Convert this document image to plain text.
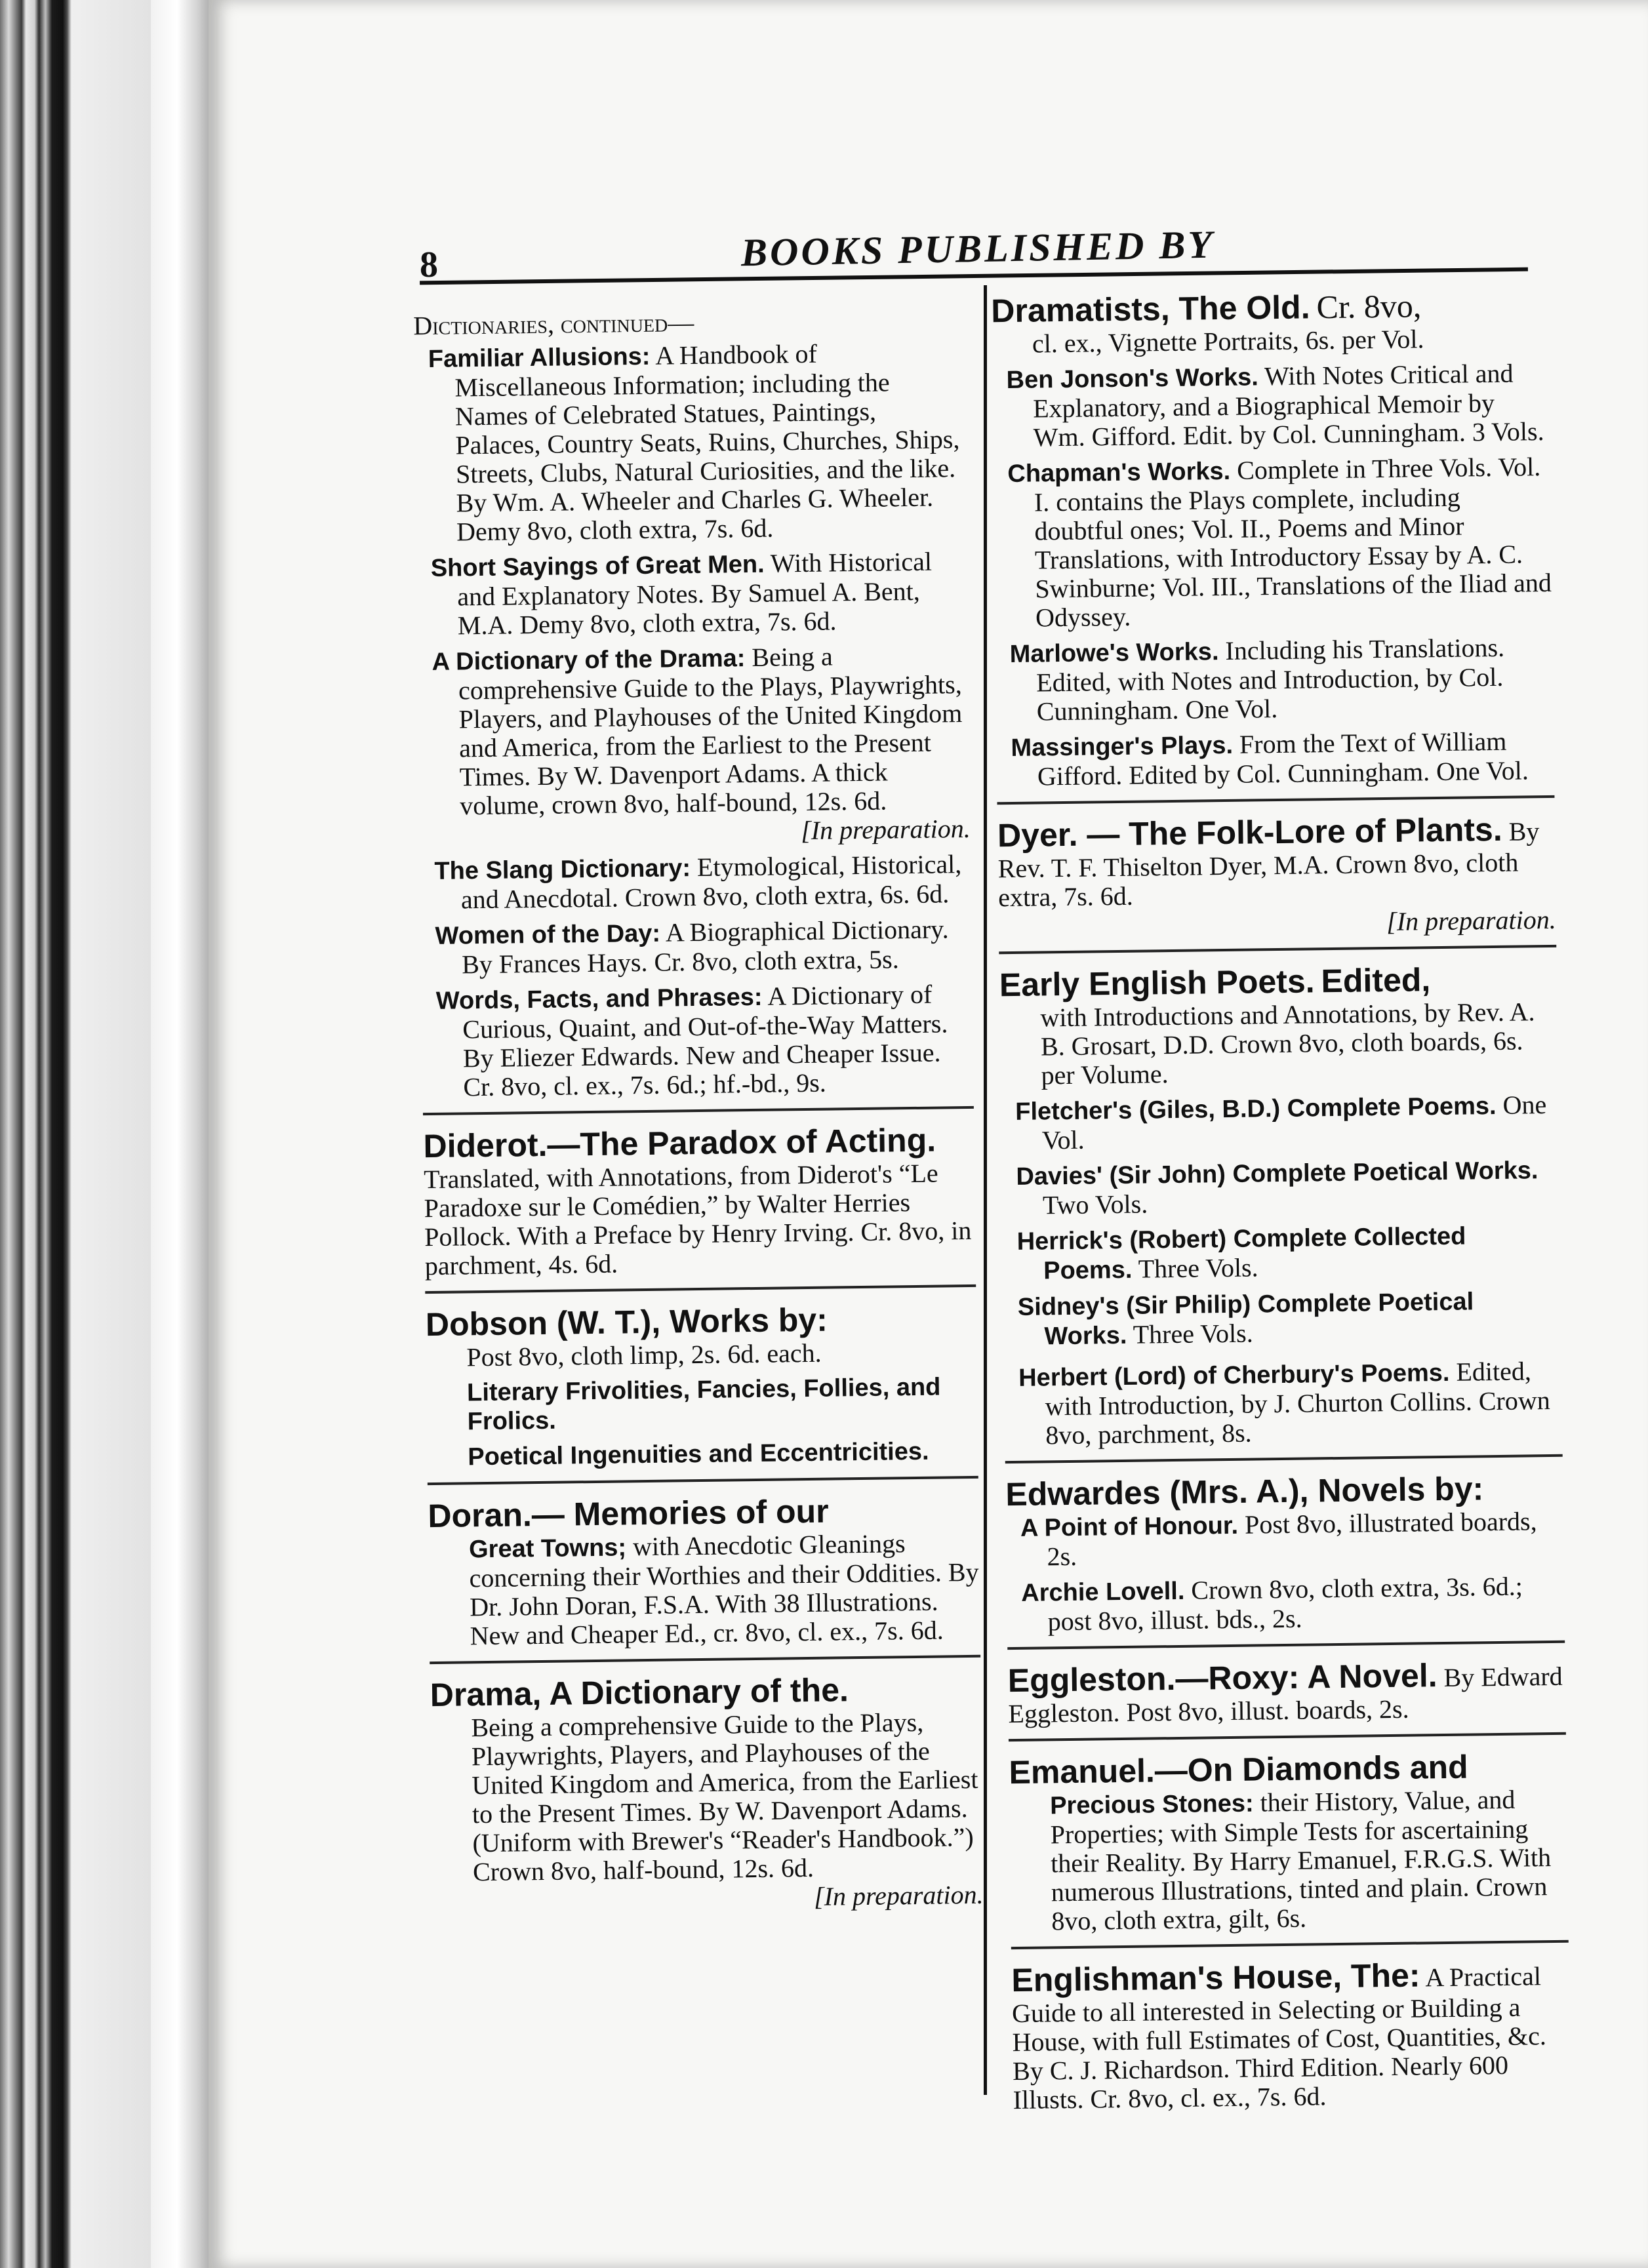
8	BOOKS PUBLISHED BY
Dictionaries, continued—
Familiar Allusions: A Handbook of Miscellaneous Information; including the Names of Celebrated Statues, Paintings, Palaces, Country Seats, Ruins, Churches, Ships, Streets, Clubs, Natural Curiosities, and the like. By Wm. A. Wheeler and Charles G. Wheeler. Demy 8vo, cloth extra, 7s. 6d.
Short Sayings of Great Men. With Historical and Explanatory Notes. By Samuel A. Bent, M.A. Demy 8vo, cloth extra, 7s. 6d.
A Dictionary of the Drama: Being a comprehensive Guide to the Plays, Playwrights, Players, and Playhouses of the United Kingdom and America, from the Earliest to the Present Times. By W. Davenport Adams. A thick volume, crown 8vo, half-bound, 12s. 6d.
[In preparation.
The Slang Dictionary: Etymological, Historical, and Anecdotal. Crown 8vo, cloth extra, 6s. 6d.
Women of the Day: A Biographical Dictionary. By Frances Hays. Cr. 8vo, cloth extra, 5s.
Words, Facts, and Phrases: A Dictionary of Curious, Quaint, and Out-of-the-Way Matters. By Eliezer Edwards. New and Cheaper Issue. Cr. 8vo, cl. ex., 7s. 6d.; hf.-bd., 9s.
Diderot.—The Paradox of Acting. Translated, with Annotations, from Diderot's “Le Paradoxe sur le Comédien,” by Walter Herries Pollock. With a Preface by Henry Irving. Cr. 8vo, in parchment, 4s. 6d.
Dobson (W. T.), Works by:
Post 8vo, cloth limp, 2s. 6d. each.
Literary Frivolities, Fancies, Follies, and Frolics.
Poetical Ingenuities and Eccentricities.
Doran.— Memories of our
Great Towns; with Anecdotic Gleanings concerning their Worthies and their Oddities. By Dr. John Doran, F.S.A. With 38 Illustrations. New and Cheaper Ed., cr. 8vo, cl. ex., 7s. 6d.
Drama, A Dictionary of the.
Being a comprehensive Guide to the Plays, Playwrights, Players, and Playhouses of the United Kingdom and America, from the Earliest to the Present Times. By W. Davenport Adams. (Uniform with Brewer's “Reader's Handbook.”) Crown 8vo, half-bound, 12s. 6d.
[In preparation.
Dramatists, The Old. Cr. 8vo,
cl. ex., Vignette Portraits, 6s. per Vol.
Ben Jonson's Works. With Notes Critical and Explanatory, and a Biographical Memoir by Wm. Gifford. Edit. by Col. Cunningham. 3 Vols.
Chapman's Works. Complete in Three Vols. Vol. I. contains the Plays complete, including doubtful ones; Vol. II., Poems and Minor Translations, with Introductory Essay by A. C. Swinburne; Vol. III., Translations of the Iliad and Odyssey.
Marlowe's Works. Including his Translations. Edited, with Notes and Introduction, by Col. Cunningham. One Vol.
Massinger's Plays. From the Text of William Gifford. Edited by Col. Cunningham. One Vol.
Dyer. — The Folk-Lore of Plants. By Rev. T. F. Thiselton Dyer, M.A. Crown 8vo, cloth extra, 7s. 6d.
[In preparation.
Early English Poets. Edited,
with Introductions and Annotations, by Rev. A. B. Grosart, D.D. Crown 8vo, cloth boards, 6s. per Volume.
Fletcher's (Giles, B.D.) Complete Poems. One Vol.
Davies' (Sir John) Complete Poetical Works. Two Vols.
Herrick's (Robert) Complete Collected Poems. Three Vols.
Sidney's (Sir Philip) Complete Poetical Works. Three Vols.
Herbert (Lord) of Cherbury's Poems. Edited, with Introduction, by J. Churton Collins. Crown 8vo, parchment, 8s.
Edwardes (Mrs. A.), Novels by:
A Point of Honour. Post 8vo, illustrated boards, 2s.
Archie Lovell. Crown 8vo, cloth extra, 3s. 6d.; post 8vo, illust. bds., 2s.
Eggleston.—Roxy: A Novel. By Edward Eggleston. Post 8vo, illust. boards, 2s.
Emanuel.—On Diamonds and
Precious Stones: their History, Value, and Properties; with Simple Tests for ascertaining their Reality. By Harry Emanuel, F.R.G.S. With numerous Illustrations, tinted and plain. Crown 8vo, cloth extra, gilt, 6s.
Englishman's House, The: A Practical Guide to all interested in Selecting or Building a House, with full Estimates of Cost, Quantities, &c. By C. J. Richardson. Third Edition. Nearly 600 Illusts. Cr. 8vo, cl. ex., 7s. 6d.
